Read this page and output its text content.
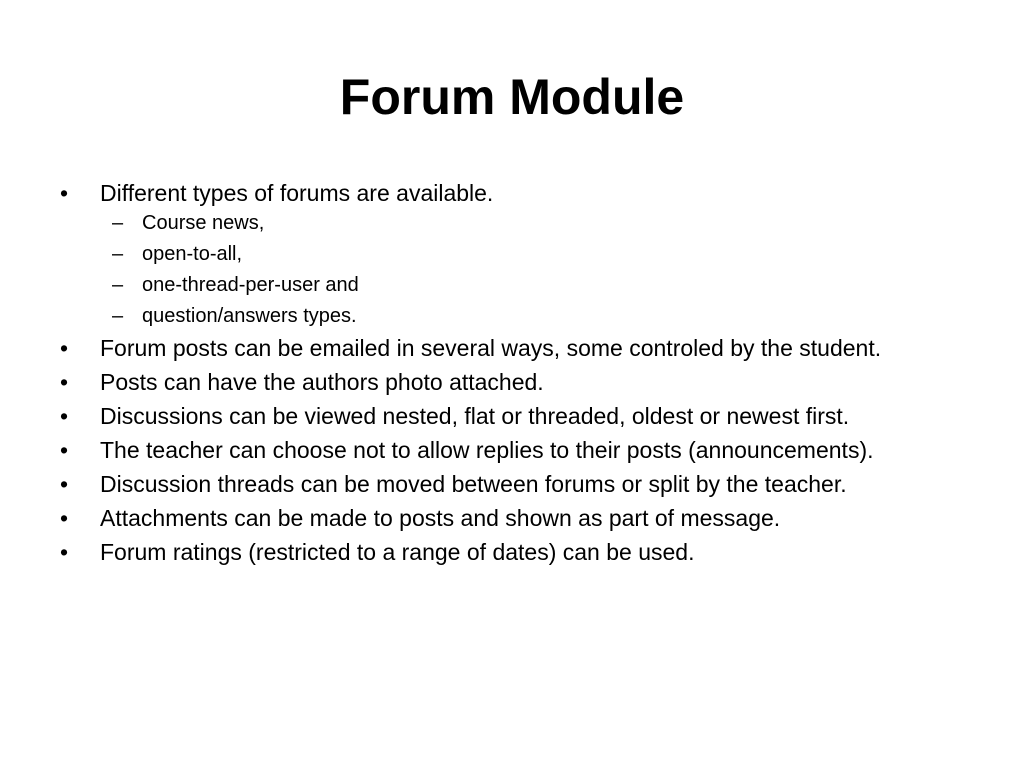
Forum Module
•	Different types of forums are available.
– Course news,
– open-to-all,
– one-thread-per-user and
– question/answers types.
•	Forum posts can be emailed in several ways, some controled by the student.
•	Posts can have the authors photo attached.
•	Discussions can be viewed nested, flat or threaded, oldest or newest first.
•	The teacher can choose not to allow replies to their posts (announcements).
•	Discussion threads can be moved between forums or split by the teacher.
•	Attachments can be made to posts and shown as part of message.
•	Forum ratings (restricted to a range of dates) can be used.
